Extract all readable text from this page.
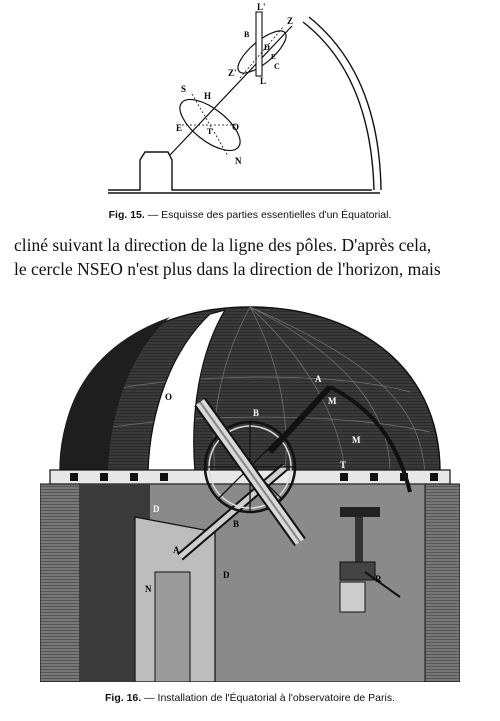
L'
Z
B
D
E
C
Z'
L
S
H
E	T O
N
Fig. 15. — Esquisse des parties essentielles d'un Équatorial.
cliné suivant la direction de la ligne des pôles. D'après cela,
le cercle NSEO n'est plus dans la direction de l'horizon, mais
O
A
M
B
M
T
D
B
A
N
D	R
Fig. 16. — Installation de l'Équatorial à l'observatoire de Paris.
